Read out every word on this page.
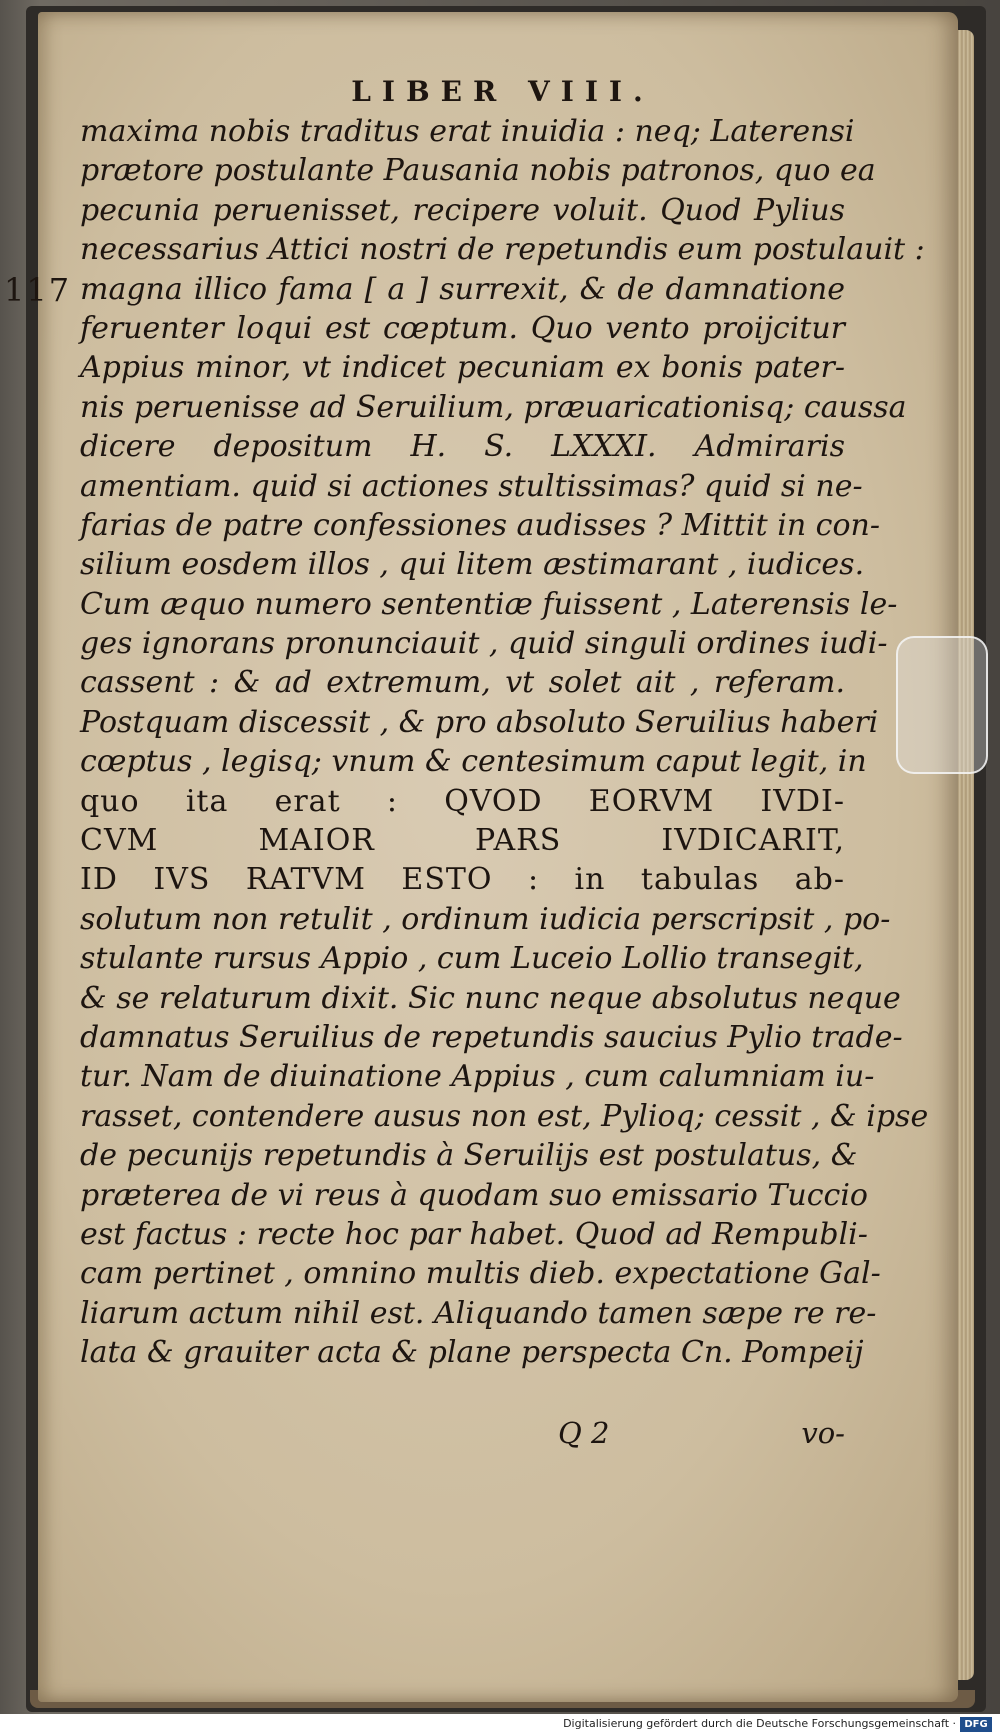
117
LIBER VIII.
maxima nobis traditus erat inuidia : neq; Laterensi
prætore postulante Pausania nobis patronos, quo ea
pecunia peruenisset, recipere voluit. Quod Pylius
necessarius Attici nostri de repetundis eum postulauit :
magna illico fama [ a ] surrexit, & de damnatione
feruenter loqui est cœptum. Quo vento proijcitur
Appius minor, vt indicet pecuniam ex bonis pater-
nis peruenisse ad Seruilium, præuaricationisq; caussa
dicere depositum H. S. LXXXI. Admiraris
amentiam. quid si actiones stultissimas? quid si ne-
farias de patre confessiones audisses ? Mittit in con-
silium eosdem illos , qui litem æstimarant , iudices.
Cum æquo numero sententiæ fuissent , Laterensis le-
ges ignorans pronunciauit , quid singuli ordines iudi-
cassent : & ad extremum, vt solet ait , referam.
Postquam discessit , & pro absoluto Seruilius haberi
cœptus , legisq; vnum & centesimum caput legit, in
quo ita erat : QVOD EORVM IVDI-
CVM MAIOR PARS IVDICARIT,
ID IVS RATVM ESTO : in tabulas ab-
solutum non retulit , ordinum iudicia perscripsit , po-
stulante rursus Appio , cum Luceio Lollio transegit,
& se relaturum dixit. Sic nunc neque absolutus neque
damnatus Seruilius de repetundis saucius Pylio trade-
tur. Nam de diuinatione Appius , cum calumniam iu-
rasset, contendere ausus non est, Pylioq; cessit , & ipse
de pecunijs repetundis à Seruilijs est postulatus, &
præterea de vi reus à quodam suo emissario Tuccio
est factus : recte hoc par habet. Quod ad Rempubli-
cam pertinet , omnino multis dieb. expectatione Gal-
liarum actum nihil est. Aliquando tamen sæpe re re-
lata & grauiter acta & plane perspecta Cn. Pompeij
Q 2	vo-
Digitalisierung gefördert durch die Deutsche Forschungsgemeinschaft · DFG
